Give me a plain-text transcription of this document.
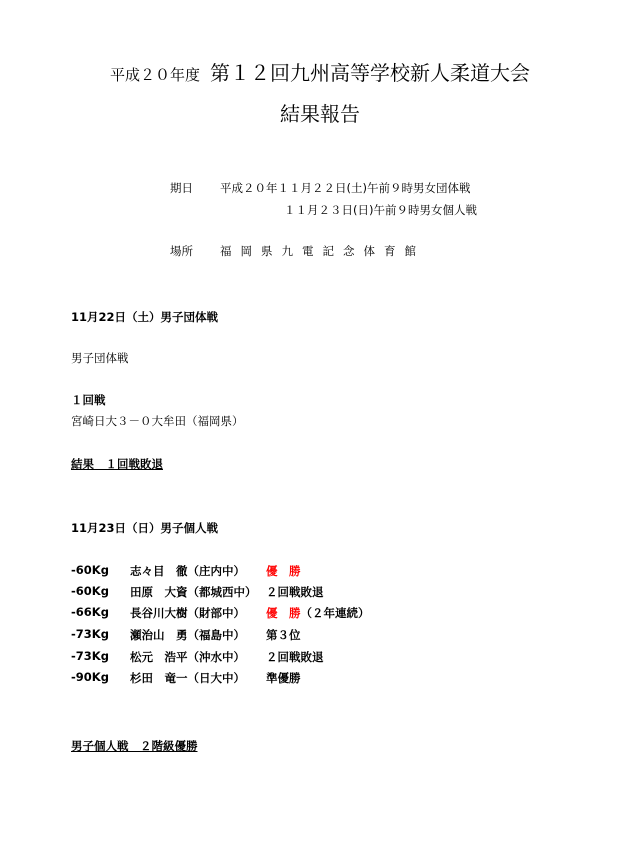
平成２０年度 第１２回九州高等学校新人柔道大会
結果報告
期日 平成２０年１１月２２日(土)午前９時男女団体戦
１１月２３日(日)午前９時男女個人戦
場所 福岡県九電記念体育館
11月22日（土）男子団体戦
男子団体戦
１回戦
宮崎日大３－０大牟田（福岡県）
結果　１回戦敗退
11月23日（日）男子個人戦
-60Kg 志々目　徹（庄内中） 優　勝
-60Kg 田原　大資（都城西中） ２回戦敗退
-66Kg 長谷川大樹（財部中） 優　勝（２年連続）
-73Kg 瀬治山　勇（福島中） 第３位
-73Kg 松元　浩平（沖水中） ２回戦敗退
-90Kg 杉田　竜一（日大中） 準優勝
男子個人戦　２階級優勝
